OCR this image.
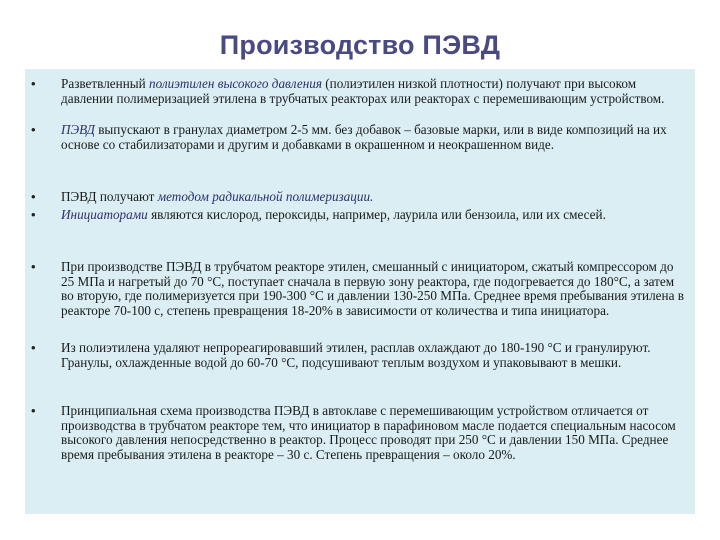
Производство ПЭВД
• Разветвленный полиэтилен высокого давления (полиэтилен низкой плотности) получают при высоком давлении полимеризацией этилена в трубчатых реакторах или реакторах с перемешивающим устройством.
• ПЭВД выпускают в гранулах диаметром 2-5 мм. без добавок – базовые марки, или в виде композиций на их основе со стабилизаторами и другим и добавками в окрашенном и неокрашенном виде.
• ПЭВД получают методом радикальной полимеризации.
• Инициаторами являются кислород, пероксиды, например, лаурила или бензоила, или их смесей.
• При производстве ПЭВД в трубчатом реакторе этилен, смешанный с инициатором, сжатый компрессором до 25 МПа и нагретый до 70 °С, поступает сначала в первую зону реактора, где подогревается до 180°С, а затем во вторую, где полимеризуется при 190-300 °С и давлении 130-250 МПа. Среднее время пребывания этилена в реакторе 70-100 с, степень превращения 18-20% в зависимости от количества и типа инициатора.
• Из полиэтилена удаляют непрореагировавший этилен, расплав охлаждают до 180-190 °С и гранулируют. Гранулы, охлажденные водой до 60-70 °С, подсушивают теплым воздухом и упаковывают в мешки.
• Принципиальная схема производства ПЭВД в автоклаве с перемешивающим устройством отличается от производства в трубчатом реакторе тем, что инициатор в парафиновом масле подается специальным насосом высокого давления непосредственно в реактор. Процесс проводят при 250 °С и давлении 150 МПа. Среднее время пребывания этилена в реакторе – 30 с. Степень превращения – около 20%.
